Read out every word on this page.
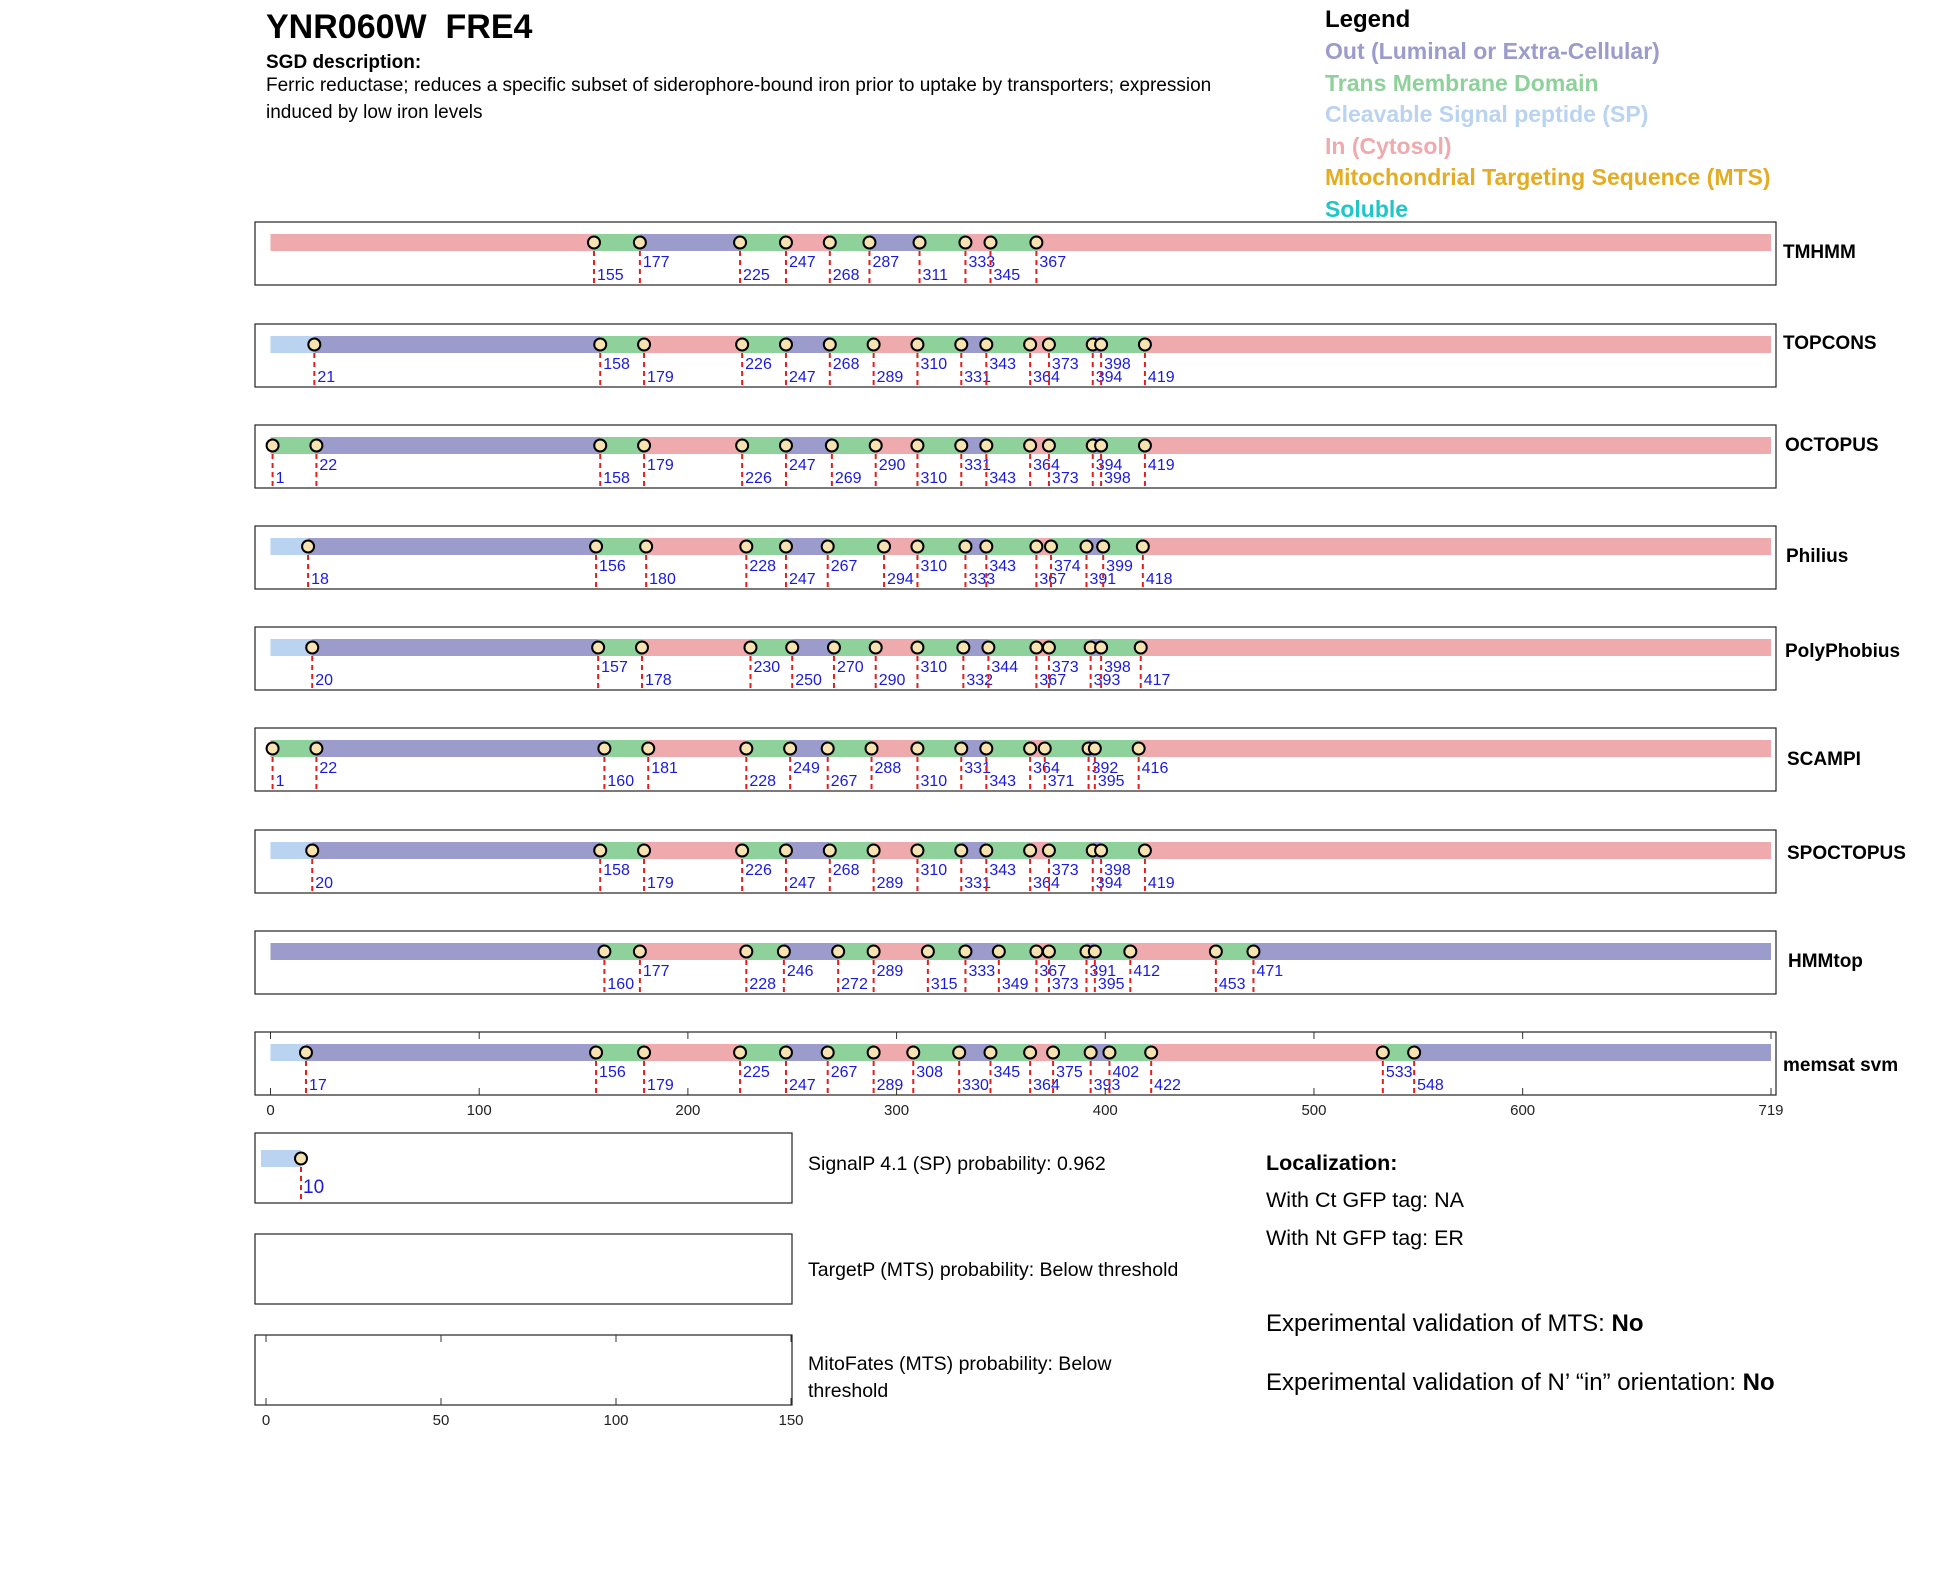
YNR060W  FRE4
SGD description:
Ferric reductase; reduces a specific subset of siderophore-bound iron prior to uptake by transporters; expression induced by low iron levels
Legend
Out (Luminal or Extra-Cellular)
Trans Membrane Domain
Cleavable Signal peptide (SP)
In (Cytosol)
Mitochondrial Targeting Sequence (MTS)
Soluble
155
177
225
247
268
287
311
333
345
367
21
158
179
226
247
268
289
310
331
343
364
373
394
398
419
1
22
158
179
226
247
269
290
310
331
343
364
373
394
398
419
18
156
180
228
247
267
294
310
333
343
367
374
391
399
418
20
157
178
230
250
270
290
310
332
344
367
373
393
398
417
1
22
160
181
228
249
267
288
310
331
343
364
371
392
395
416
20
158
179
226
247
268
289
310
331
343
364
373
394
398
419
160
177
228
246
272
289
315
333
349
367
373
391
395
412
453
471
17
156
179
225
247
267
289
308
330
345
364
375
393
402
422
533
548
0	100	200	300	400	500	600	719
10
0	50	100	150
TMHMM
TOPCONS
OCTOPUS
Philius
PolyPhobius
SCAMPI
SPOCTOPUS
HMMtop
memsat svm
SignalP 4.1 (SP) probability: 0.962
TargetP (MTS) probability: Below threshold
MitoFates (MTS) probability: Below
threshold
Localization:
With Ct GFP tag: NA
With Nt GFP tag: ER
Experimental validation of MTS: No
Experimental validation of N’ “in” orientation: No
